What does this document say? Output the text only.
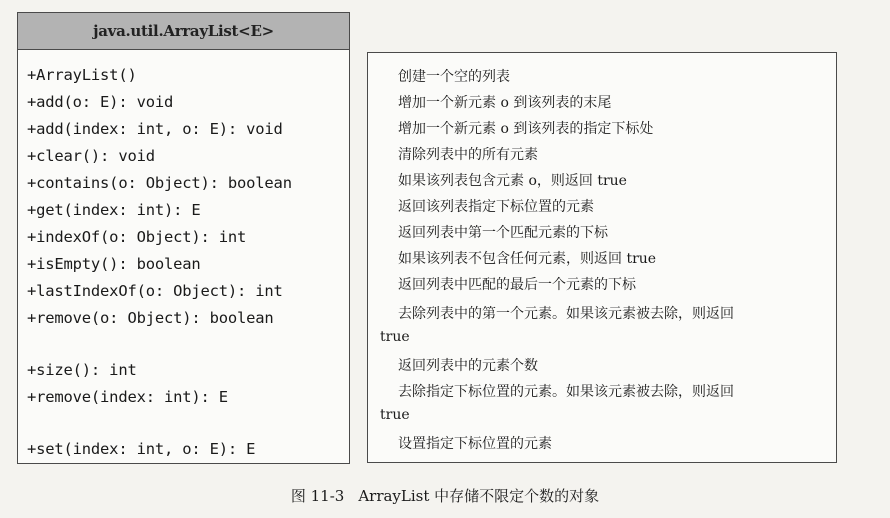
java.util.ArrayList<E>
+ArrayList()
+add(o: E): void
+add(index: int, o: E): void
+clear(): void
+contains(o: Object): boolean
+get(index: int): E
+indexOf(o: Object): int
+isEmpty(): boolean
+lastIndexOf(o: Object): int
+remove(o: Object): boolean
+size(): int
+remove(index: int): E
+set(index: int, o: E): E
创建一个空的列表
增加一个新元素 o 到该列表的末尾
增加一个新元素 o 到该列表的指定下标处
清除列表中的所有元素
如果该列表包含元素 o，则返回 true
返回该列表指定下标位置的元素
返回列表中第一个匹配元素的下标
如果该列表不包含任何元素，则返回 true
返回列表中匹配的最后一个元素的下标
去除列表中的第一个元素。如果该元素被去除，则返回
true
返回列表中的元素个数
去除指定下标位置的元素。如果该元素被去除，则返回
true
设置指定下标位置的元素
图 11-3 ArrayList 中存储不限定个数的对象
